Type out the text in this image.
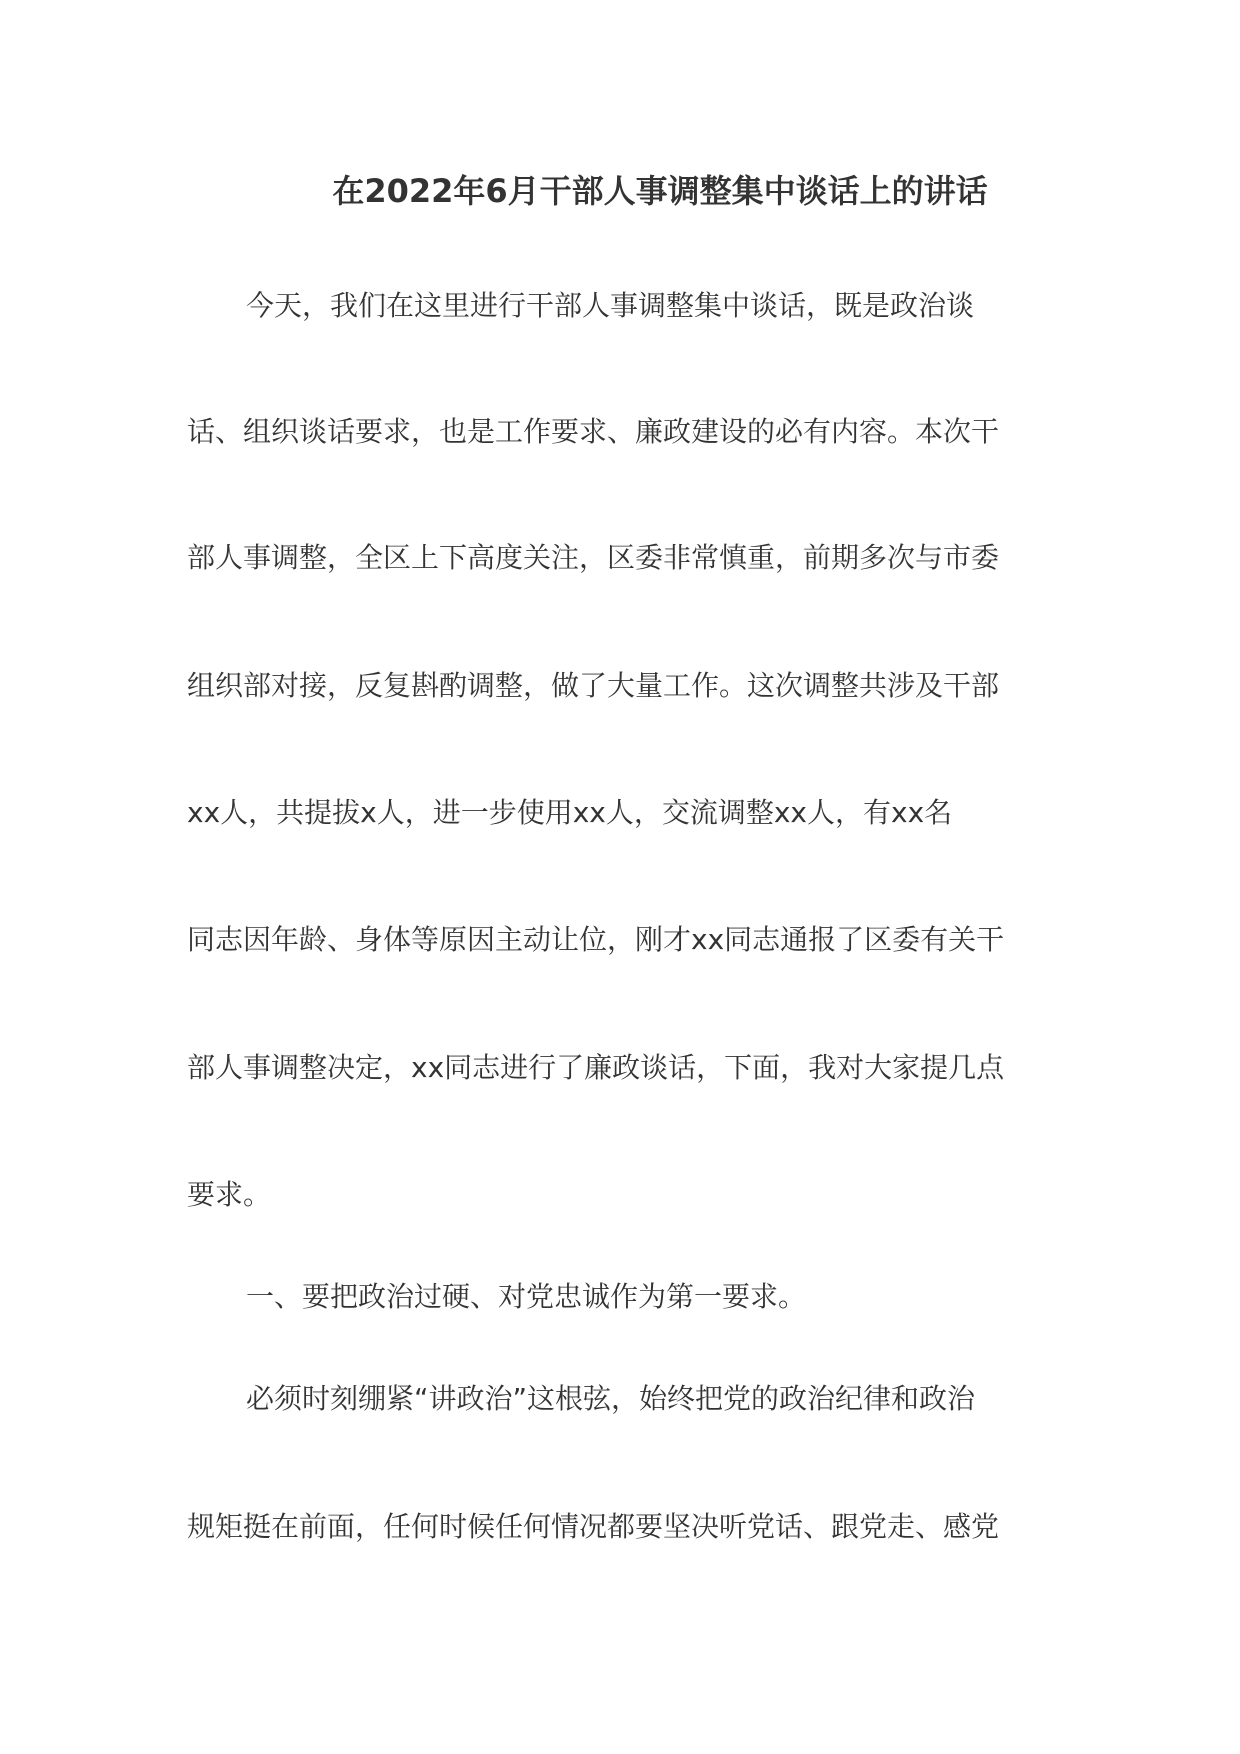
在2022年6月干部人事调整集中谈话上的讲话

今天，我们在这里进行干部人事调整集中谈话，既是政治谈

话、组织谈话要求，也是工作要求、廉政建设的必有内容。本次干

部人事调整，全区上下高度关注，区委非常慎重，前期多次与市委

组织部对接，反复斟酌调整，做了大量工作。这次调整共涉及干部

xx人，共提拔x人，进一步使用xx人，交流调整xx人，有xx名

同志因年龄、身体等原因主动让位，刚才xx同志通报了区委有关干

部人事调整决定，xx同志进行了廉政谈话，下面，我对大家提几点

要求。

一、要把政治过硬、对党忠诚作为第一要求。

必须时刻绷紧“讲政治”这根弦，始终把党的政治纪律和政治

规矩挺在前面，任何时候任何情况都要坚决听党话、跟党走、感党
